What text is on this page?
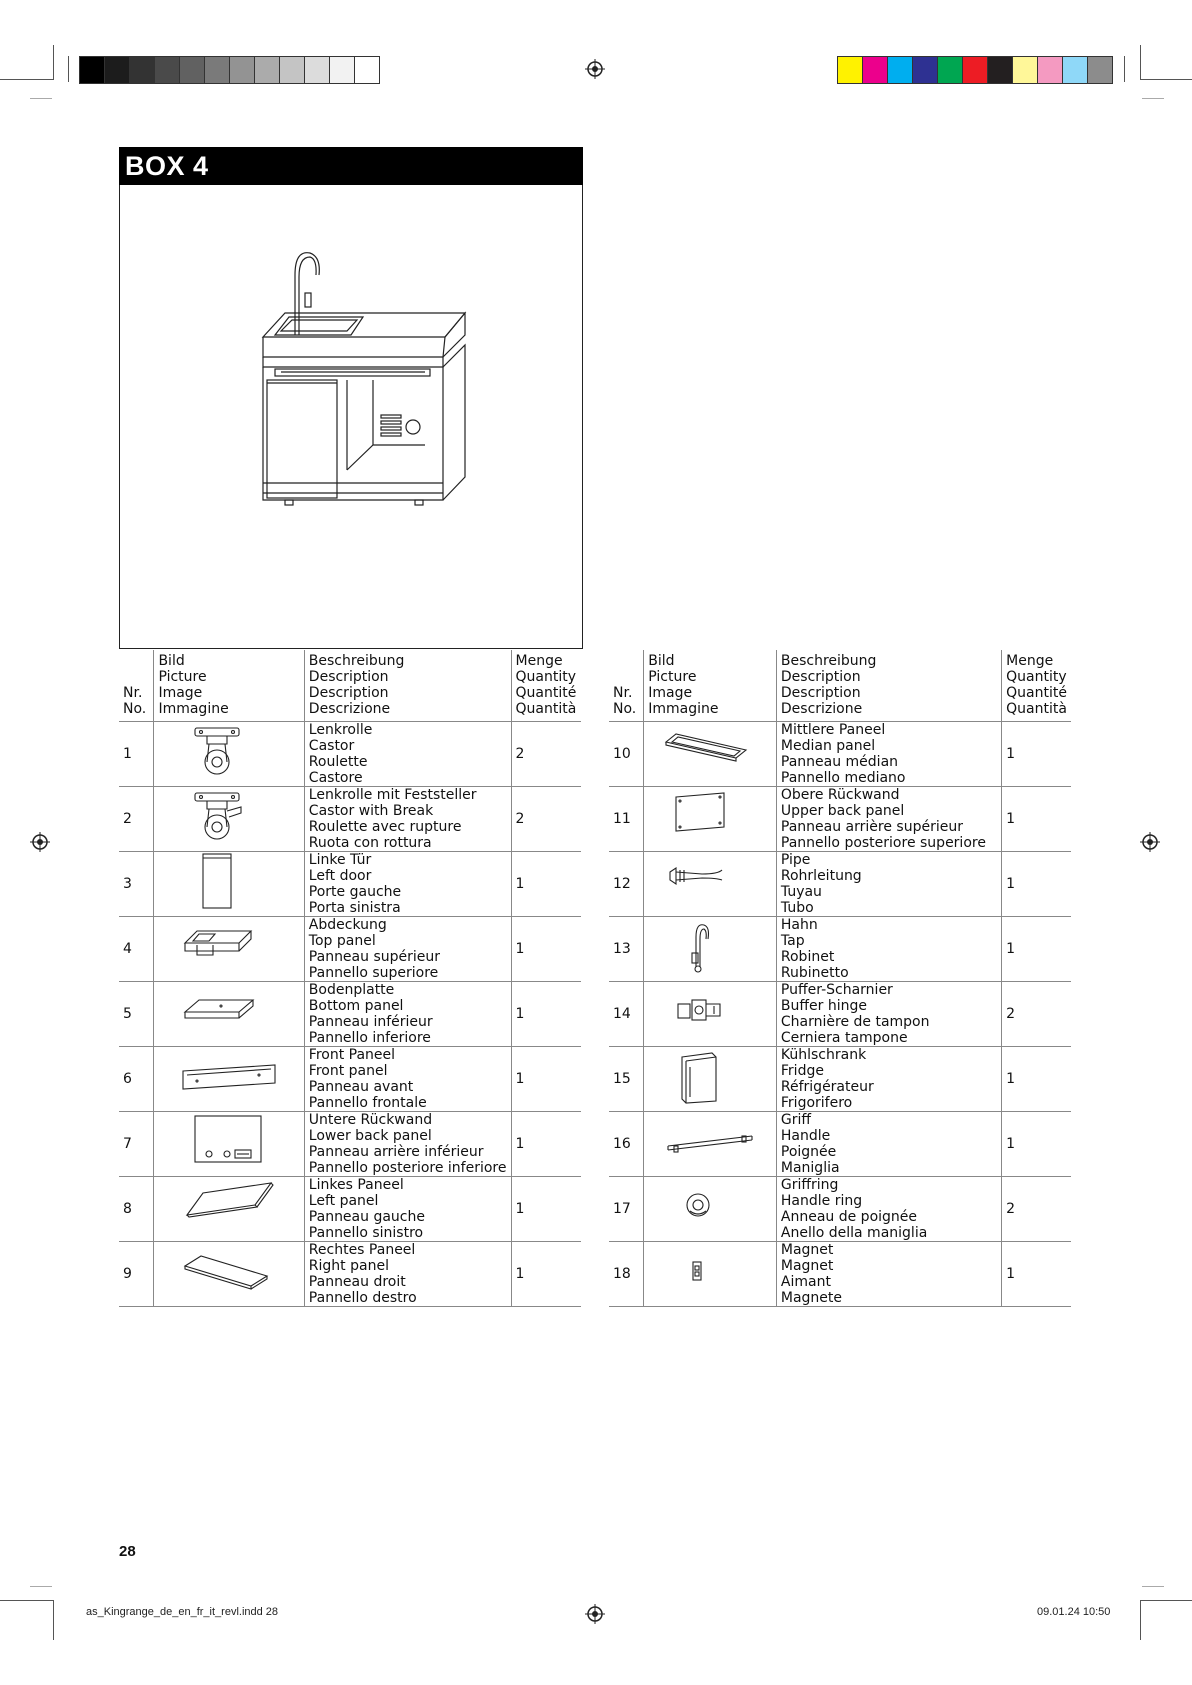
BOX 4
Nr.
No.	Bild
Picture
Image
Immagine	Beschreibung
Description
Description
Descrizione	Menge
Quantity
Quantité
Quantità

1		Lenkrolle
Castor
Roulette
Castore	2
2		Lenkrolle mit Feststeller
Castor with Break
Roulette avec rupture
Ruota con rottura	2
3		Linke Tür
Left door
Porte gauche
Porta sinistra	1
4		Abdeckung
Top panel
Panneau supérieur
Pannello superiore	1
5		Bodenplatte
Bottom panel
Panneau inférieur
Pannello inferiore	1
6		Front Paneel
Front panel
Panneau avant
Pannello frontale	1
7		Untere Rückwand
Lower back panel
Panneau arrière inférieur
Pannello posteriore inferiore	1
8		Linkes Paneel
Left panel
Panneau gauche
Pannello sinistro	1
9		Rechtes Paneel
Right panel
Panneau droit
Pannello destro	1
Nr.
No.	Bild
Picture
Image
Immagine	Beschreibung
Description
Description
Descrizione	Menge
Quantity
Quantité
Quantità

10		Mittlere Paneel
Median panel
Panneau médian
Pannello mediano	1
11		Obere Rückwand
Upper back panel
Panneau arrière supérieur
Pannello posteriore superiore	1
12		Pipe
Rohrleitung
Tuyau
Tubo	1
13		Hahn
Tap
Robinet
Rubinetto	1
14		Puffer-Scharnier
Buffer hinge
Charnière de tampon
Cerniera tampone	2
15		Kühlschrank
Fridge
Réfrigérateur
Frigorifero	1
16		Griff
Handle
Poignée
Maniglia	1
17		Griffring
Handle ring
Anneau de poignée
Anello della maniglia	2
18		Magnet
Magnet
Aimant
Magnete	1
28
as_Kingrange_de_en_fr_it_revl.indd 28	09.01.24 10:50
